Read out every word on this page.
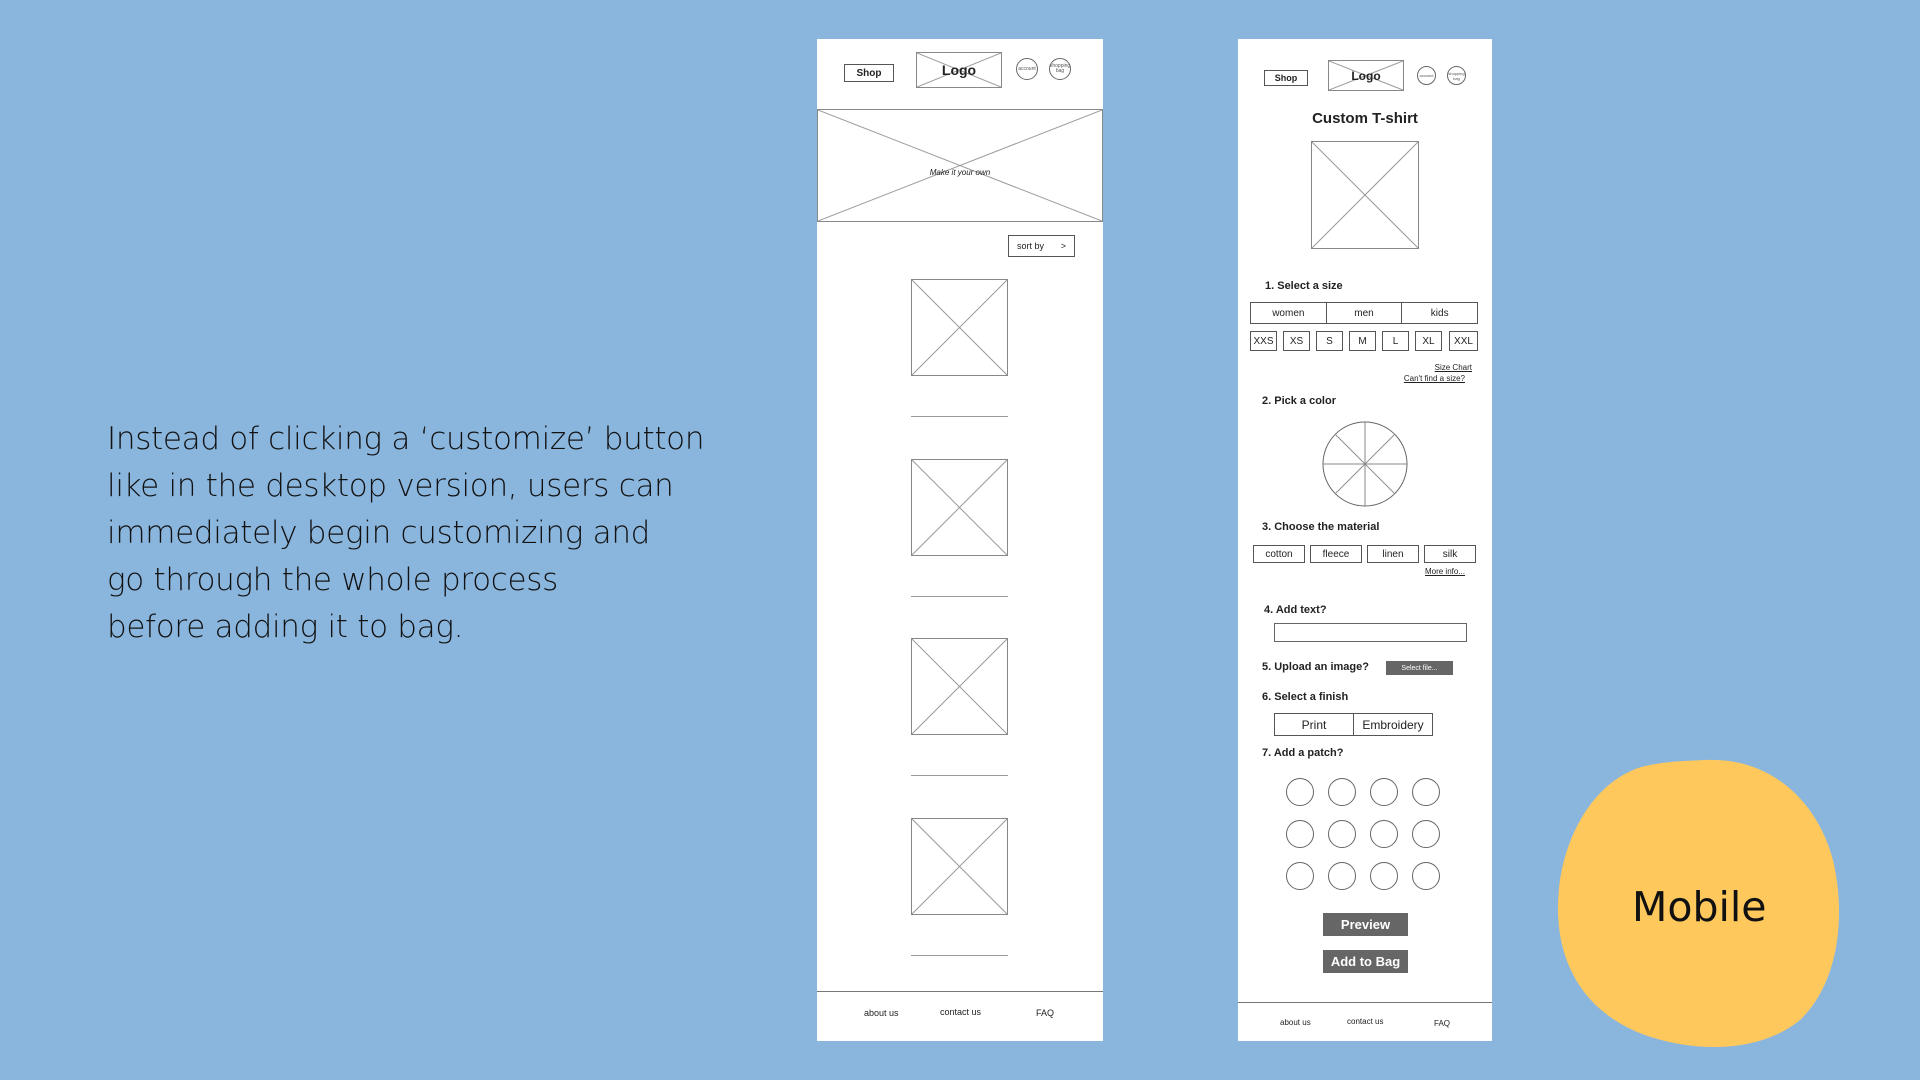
Instead of clicking a ‘customize’ button
like in the desktop version, users can
immediately begin customizing and
go through the whole process
before adding it to bag.
Shop	Logo	account	shopping bag
Make it your own
sort by >
about us	contact us	FAQ
Shop	Logo	account	shopping bag
Custom T-shirt
1. Select a size
women	men	kids
XXS	XS	S	M	L	XL	XXL
Size Chart
Can't find a size?
2. Pick a color
3. Choose the material
cotton	fleece	linen	silk
More info...
4. Add text?
5. Upload an image?	Select file...
6. Select a finish
Print	Embroidery
7. Add a patch?
Preview
Add to Bag
about us	contact us	FAQ
Mobile
